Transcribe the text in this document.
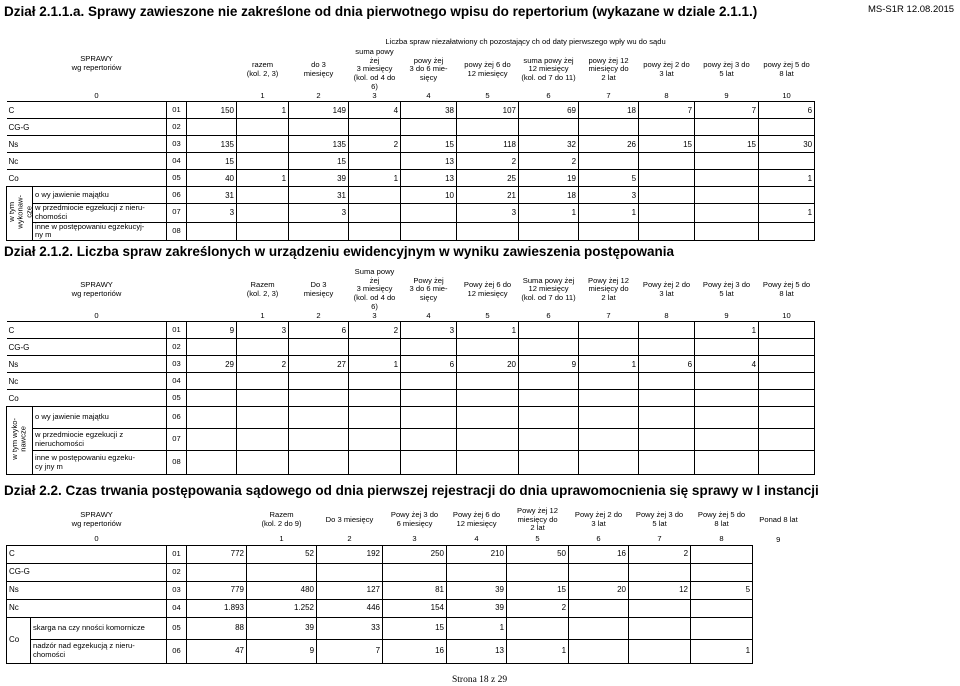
Dział 2.1.1.a. Sprawy zawieszone nie zakreślone od dnia pierwotnego wpisu do repertorium (wykazane w dziale 2.1.1.)	MS-S1R 12.08.2015
SPRAWY
wg repertoriów				Liczba spraw niezałatwiony ch pozostający ch od daty pierwszego wpły wu do sądu										
				razem
(kol. 2, 3)	do 3
miesięcy	suma powy żej
3 miesięcy
(kol. od 4 do 6)	powy żej
3 do 6 mie-
sięcy	powy żej 6 do
12 miesięcy	suma powy żej
12 miesięcy
(kol. od 7 do 11)	powy żej 12
miesięcy do
2 lat	powy żej 2 do
3 lat	powy żej 3 do
5 lat	powy żej 5 do
8 lat	
0				1	2	3	4	5	6	7	8	9	10	
C		01	150	1	149	4	38	107	69	18	7	7	6	
CG-G		02												
Ns		03	135		135	2	15	118	32	26	15	15	30	
Nc		04	15		15		13	2	2					
Co		05	40	1	39	1	13	25	19	5			1	
w tym
wykonaw-
cze	o wy jawienie majątku	06	31		31		10	21	18	3				
	w przedmiocie egzekucji z nieru-
chomości	07	3		3			3	1	1			1	
	inne w postępowaniu egzekucyj-
ny m	08												
Dział 2.1.2. Liczba spraw zakreślonych w urządzeniu ewidencyjnym w wyniku zawieszenia postępowania
SPRAWY
wg repertoriów				Razem
(kol. 2, 3)	Do 3
miesięcy	Suma powy żej
3 miesięcy
(kol. od 4 do 6)	Powy żej
3 do 6 mie-
sięcy	Powy żej 6 do
12 miesięcy	Suma powy żej
12 miesięcy
(kol. od 7 do 11)	Powy żej 12
miesięcy do
2 lat	Powy żej 2 do
3 lat	Powy żej 3 do
5 lat	Powy żej 5 do
8 lat	
0				1	2	3	4	5	6	7	8	9	10	
C		01	9	3	6	2	3	1				1		
CG-G		02												
Ns		03	29	2	27	1	6	20	9	1	6	4		
Nc		04												
Co		05												
w tym wyko-
nawcze	o wy jawienie majątku	06												
	w przedmiocie egzekucji z
nieruchomości	07												
	inne w postępowaniu egzeku-
cy jny m	08												
Dział 2.2. Czas trwania postępowania sądowego od dnia pierwszej rejestracji do dnia uprawomocnienia się sprawy w I instancji
SPRAWY
wg repertoriów				Razem
(kol. 2 do 9)	Do 3 miesięcy	Powy żej 3 do
6 miesięcy	Powy żej 6 do
12 miesięcy	Powy żej 12
miesięcy do
2 lat	Powy żej 2 do
3 lat	Powy żej 3 do
5 lat	Powy żej 5 do
8 lat	Ponad 8 lat
0				1	2	3	4	5	6	7	8	9
C		01	772	52	192	250	210	50	16	2		
CG-G		02										
Ns		03	779	480	127	81	39	15	20	12	5	
Nc		04	1.893	1.252	446	154	39	2				
Co	skarga na czy nności komornicze	05	88	39	33	15	1					
	nadzór nad egzekucją z nieru-
chomości	06	47	9	7	16	13	1			1	
Strona 18 z 29
